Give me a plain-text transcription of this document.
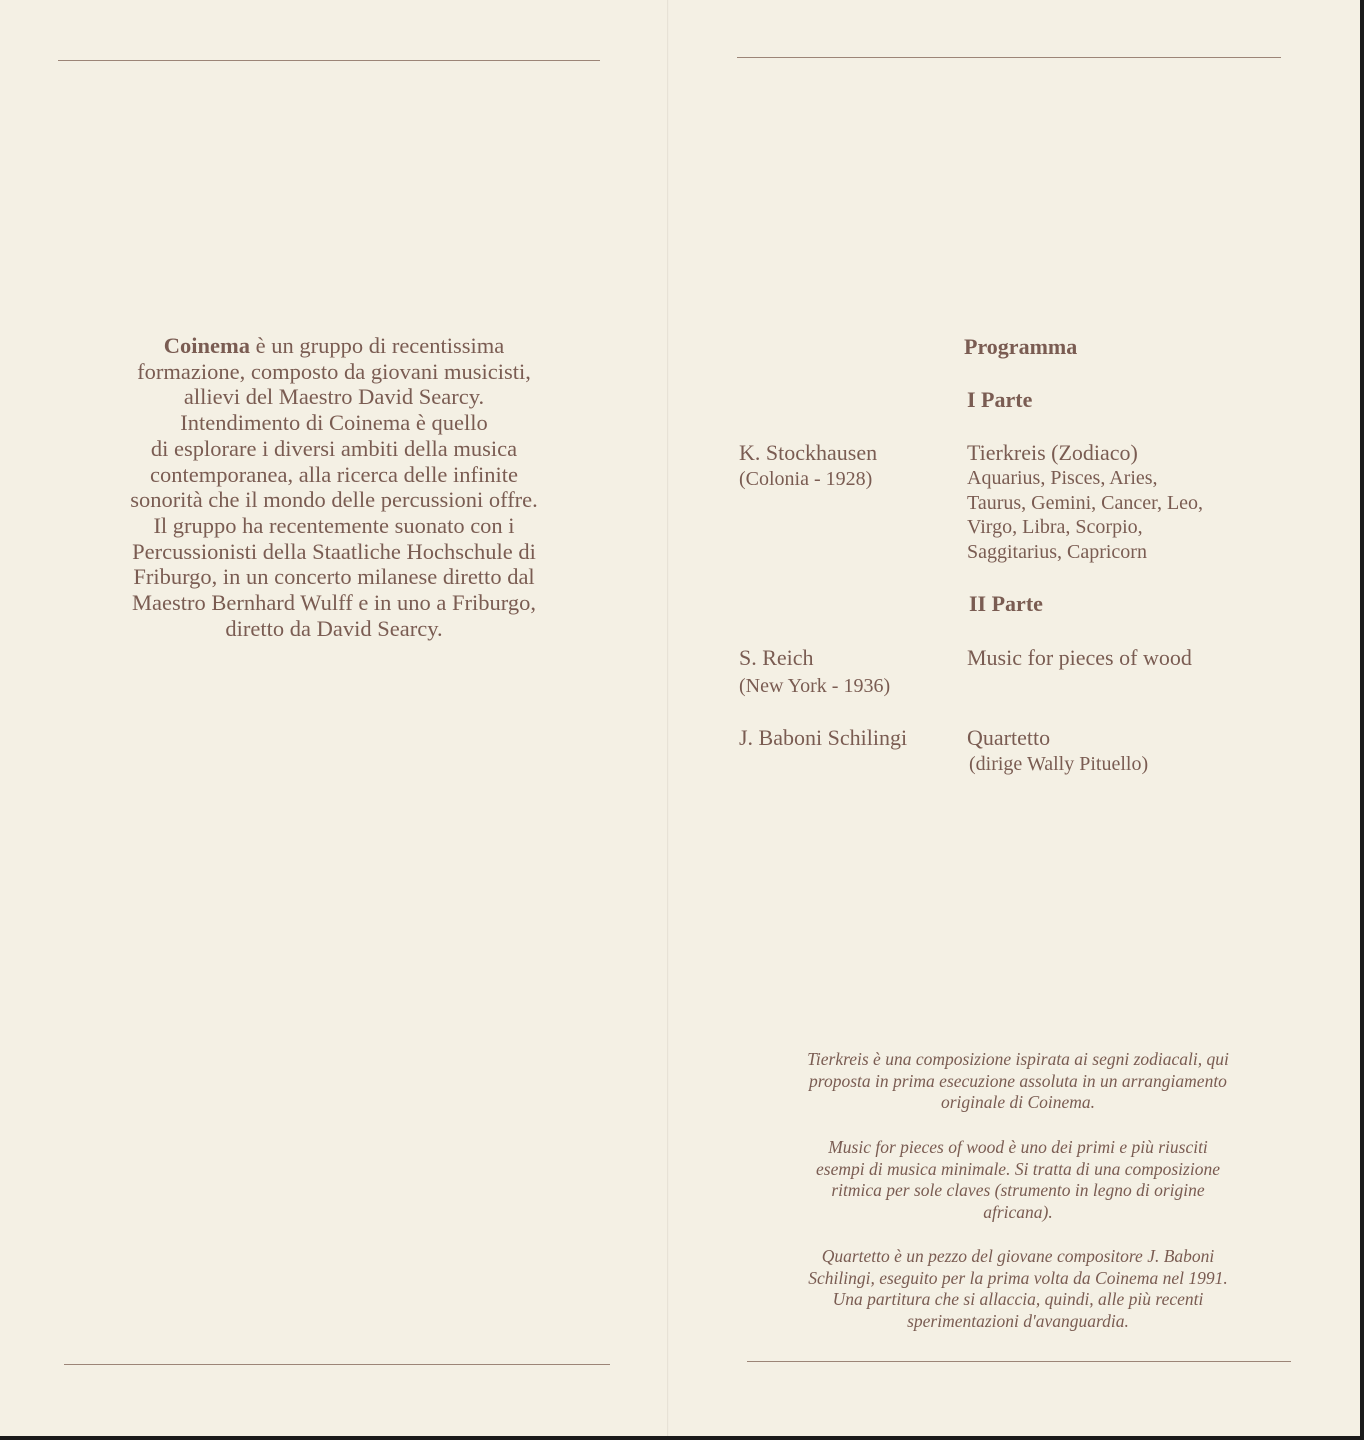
Coinema è un gruppo di recentissima
formazione, composto da giovani musicisti,
allievi del Maestro David Searcy.
Intendimento di Coinema è quello
di esplorare i diversi ambiti della musica
contemporanea, alla ricerca delle infinite
sonorità che il mondo delle percussioni offre.
Il gruppo ha recentemente suonato con i
Percussionisti della Staatliche Hochschule di
Friburgo, in un concerto milanese diretto dal
Maestro Bernhard Wulff e in uno a Friburgo,
diretto da David Searcy.
Programma
I Parte
K. Stockhausen
(Colonia - 1928)
Tierkreis (Zodiaco)
Aquarius, Pisces, Aries,
Taurus, Gemini, Cancer, Leo,
Virgo, Libra, Scorpio,
Saggitarius, Capricorn
II Parte
S. Reich
(New York - 1936)
Music for pieces of wood
J. Baboni Schilingi	Quartetto
(dirige Wally Pituello)

Tierkreis è una composizione ispirata ai segni zodiacali, qui

proposta in prima esecuzione assoluta in un arrangiamento

originale di Coinema.

Music for pieces of wood è uno dei primi e più riusciti

esempi di musica minimale. Si tratta di una composizione

ritmica per sole claves (strumento in legno di origine

africana).

Quartetto è un pezzo del giovane compositore J. Baboni

Schilingi, eseguito per la prima volta da Coinema nel 1991.

Una partitura che si allaccia, quindi, alle più recenti

sperimentazioni d'avanguardia.
